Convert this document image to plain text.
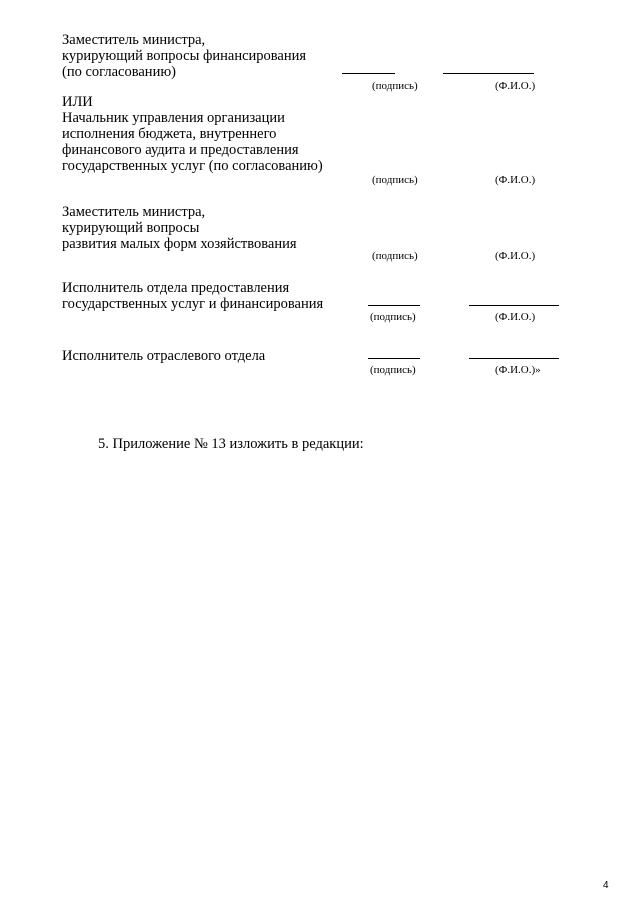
Заместитель министра,
курирующий вопросы финансирования
(по согласованию)
(подпись)	(Ф.И.О.)
ИЛИ
Начальник управления организации
исполнения бюджета, внутреннего
финансового аудита и предоставления
государственных услуг (по согласованию)
(подпись)	(Ф.И.О.)
Заместитель министра,
курирующий вопросы
развития малых форм хозяйствования
(подпись)	(Ф.И.О.)
Исполнитель отдела предоставления
государственных услуг и финансирования
(подпись)	(Ф.И.О.)
Исполнитель отраслевого отдела
(подпись)	(Ф.И.О.)»
5. Приложение № 13 изложить в редакции:
4
